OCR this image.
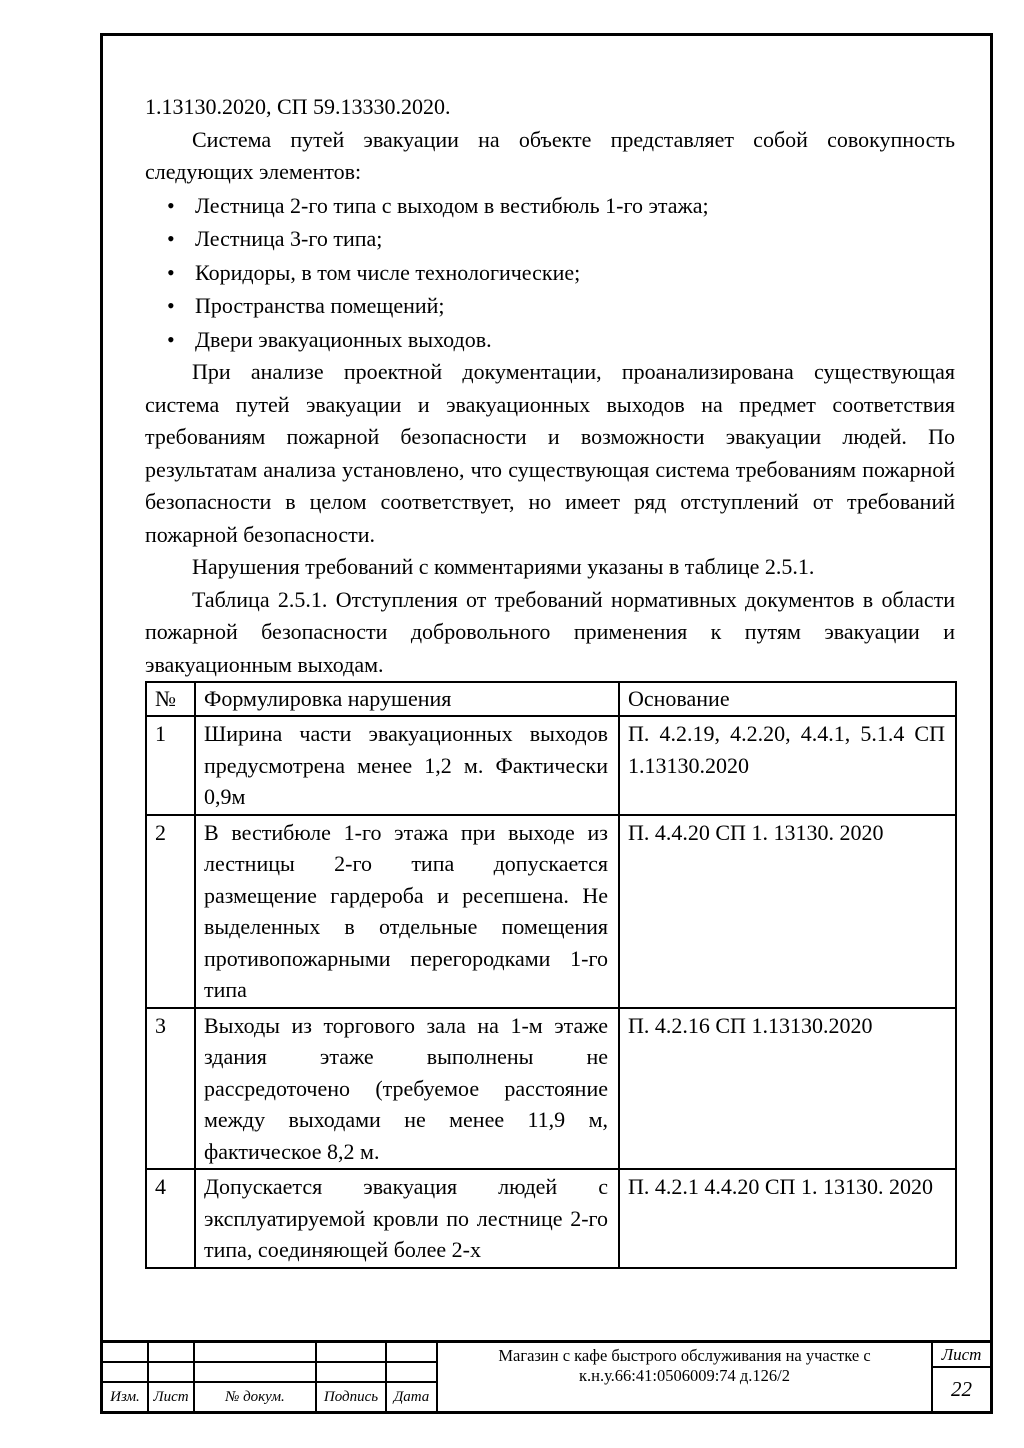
1.13130.2020, СП 59.13330.2020.

Система путей эвакуации на объекте представляет собой совокупность следующих элементов:

• Лестница 2-го типа с выходом в вестибюль 1-го этажа;
• Лестница 3-го типа;
• Коридоры, в том числе технологические;
• Пространства помещений;
• Двери эвакуационных выходов.

При анализе проектной документации, проанализирована существующая система путей эвакуации и эвакуационных выходов на предмет соответствия требованиям пожарной безопасности и возможности эвакуации людей. По результатам анализа установлено, что существующая система требованиям пожарной безопасности в целом соответствует, но имеет ряд отступлений от требований пожарной безопасности.

Нарушения требований с комментариями указаны в таблице 2.5.1.

Таблица 2.5.1. Отступления от требований нормативных документов в области пожарной безопасности добровольного применения к путям эвакуации и эвакуационным выходам.

№	Формулировка нарушения	Основание
1	Ширина части эвакуационных выходов предусмотрена менее 1,2 м. Фактически 0,9м	П. 4.2.19, 4.2.20, 4.4.1, 5.1.4 СП 1.13130.2020
2	В вестибюле 1-го этажа при выходе из лестницы 2-го типа допускается размещение гардероба и ресепшена. Не выделенных в отдельные помещения противопожарными перегородками 1-го типа	П. 4.4.20 СП 1. 13130. 2020
3	Выходы из торгового зала на 1-м этаже здания этаже выполнены не рассредоточено (требуемое расстояние между выходами не менее 11,9 м, фактическое 8,2 м.	П. 4.2.16 СП 1.13130.2020
4	Допускается эвакуация людей с эксплуатируемой кровли по лестнице 2-го типа, соединяющей более 2-х	П. 4.2.1 4.4.20 СП 1. 13130. 2020
Изм. Лист	№ докум.	Подпись	Дата
Магазин с кафе быстрого обслуживания на участке с к.н.у.66:41:0506009:74 д.126/2
Лист
22
